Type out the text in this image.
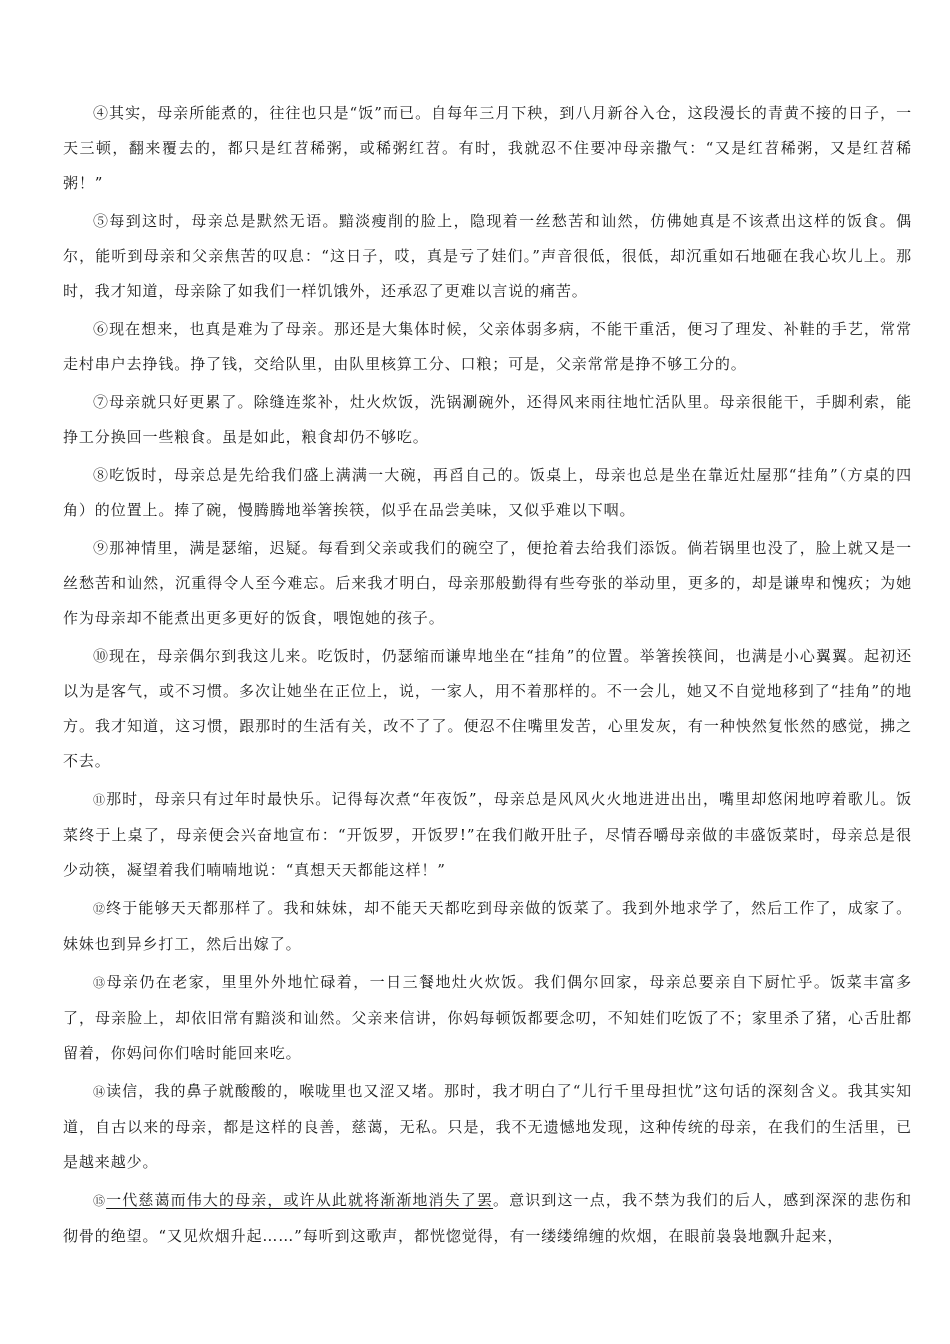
④其实，母亲所能煮的，往往也只是“饭”而已。自每年三月下秧，到八月新谷入仓，这段漫长的青黄不接的日子，一天三顿，翻来覆去的，都只是红苕稀粥，或稀粥红苕。有时，我就忍不住要冲母亲撒气：“又是红苕稀粥，又是红苕稀粥！”

⑤每到这时，母亲总是默然无语。黯淡瘦削的脸上，隐现着一丝愁苦和讪然，仿佛她真是不该煮出这样的饭食。偶尔，能听到母亲和父亲焦苦的叹息：“这日子，哎，真是亏了娃们。”声音很低，很低，却沉重如石地砸在我心坎儿上。那时，我才知道，母亲除了如我们一样饥饿外，还承忍了更难以言说的痛苦。

⑥现在想来，也真是难为了母亲。那还是大集体时候，父亲体弱多病，不能干重活，便习了理发、补鞋的手艺，常常走村串户去挣钱。挣了钱，交给队里，由队里核算工分、口粮；可是，父亲常常是挣不够工分的。

⑦母亲就只好更累了。除缝连浆补，灶火炊饭，洗锅涮碗外，还得风来雨往地忙活队里。母亲很能干，手脚利索，能挣工分换回一些粮食。虽是如此，粮食却仍不够吃。

⑧吃饭时，母亲总是先给我们盛上满满一大碗，再舀自己的。饭桌上，母亲也总是坐在靠近灶屋那“挂角”（方桌的四角）的位置上。捧了碗，慢腾腾地举箸挨筷，似乎在品尝美味，又似乎难以下咽。

⑨那神情里，满是瑟缩，迟疑。每看到父亲或我们的碗空了，便抢着去给我们添饭。倘若锅里也没了，脸上就又是一丝愁苦和讪然，沉重得令人至今难忘。后来我才明白，母亲那般勤得有些夸张的举动里，更多的，却是谦卑和愧疚；为她作为母亲却不能煮出更多更好的饭食，喂饱她的孩子。

⑩现在，母亲偶尔到我这儿来。吃饭时，仍瑟缩而谦卑地坐在“挂角”的位置。举箸挨筷间，也满是小心翼翼。起初还以为是客气，或不习惯。多次让她坐在正位上，说，一家人，用不着那样的。不一会儿，她又不自觉地移到了“挂角”的地方。我才知道，这习惯，跟那时的生活有关，改不了了。便忍不住嘴里发苦，心里发灰，有一种怏然复怅然的感觉，拂之不去。

⑪那时，母亲只有过年时最快乐。记得每次煮“年夜饭”，母亲总是风风火火地进进出出，嘴里却悠闲地哼着歌儿。饭菜终于上桌了，母亲便会兴奋地宣布：“开饭罗，开饭罗!”在我们敞开肚子，尽情吞嚼母亲做的丰盛饭菜时，母亲总是很少动筷，凝望着我们喃喃地说：“真想天天都能这样！”

⑫终于能够天天都那样了。我和妹妹，却不能天天都吃到母亲做的饭菜了。我到外地求学了，然后工作了，成家了。妹妹也到异乡打工，然后出嫁了。

⑬母亲仍在老家，里里外外地忙碌着，一日三餐地灶火炊饭。我们偶尔回家，母亲总要亲自下厨忙乎。饭菜丰富多了，母亲脸上，却依旧常有黯淡和讪然。父亲来信讲，你妈每顿饭都要念叨，不知娃们吃饭了不；家里杀了猪，心舌肚都留着，你妈问你们啥时能回来吃。

⑭读信，我的鼻子就酸酸的，喉咙里也又涩又堵。那时，我才明白了“儿行千里母担忧”这句话的深刻含义。我其实知道，自古以来的母亲，都是这样的良善，慈蔼，无私。只是，我不无遗憾地发现，这种传统的母亲，在我们的生活里，已是越来越少。

⑮一代慈蔼而伟大的母亲，或许从此就将渐渐地消失了罢。意识到这一点，我不禁为我们的后人，感到深深的悲伤和彻骨的绝望。“又见炊烟升起……”每听到这歌声，都恍惚觉得，有一缕缕绵缠的炊烟，在眼前袅袅地飘升起来，
